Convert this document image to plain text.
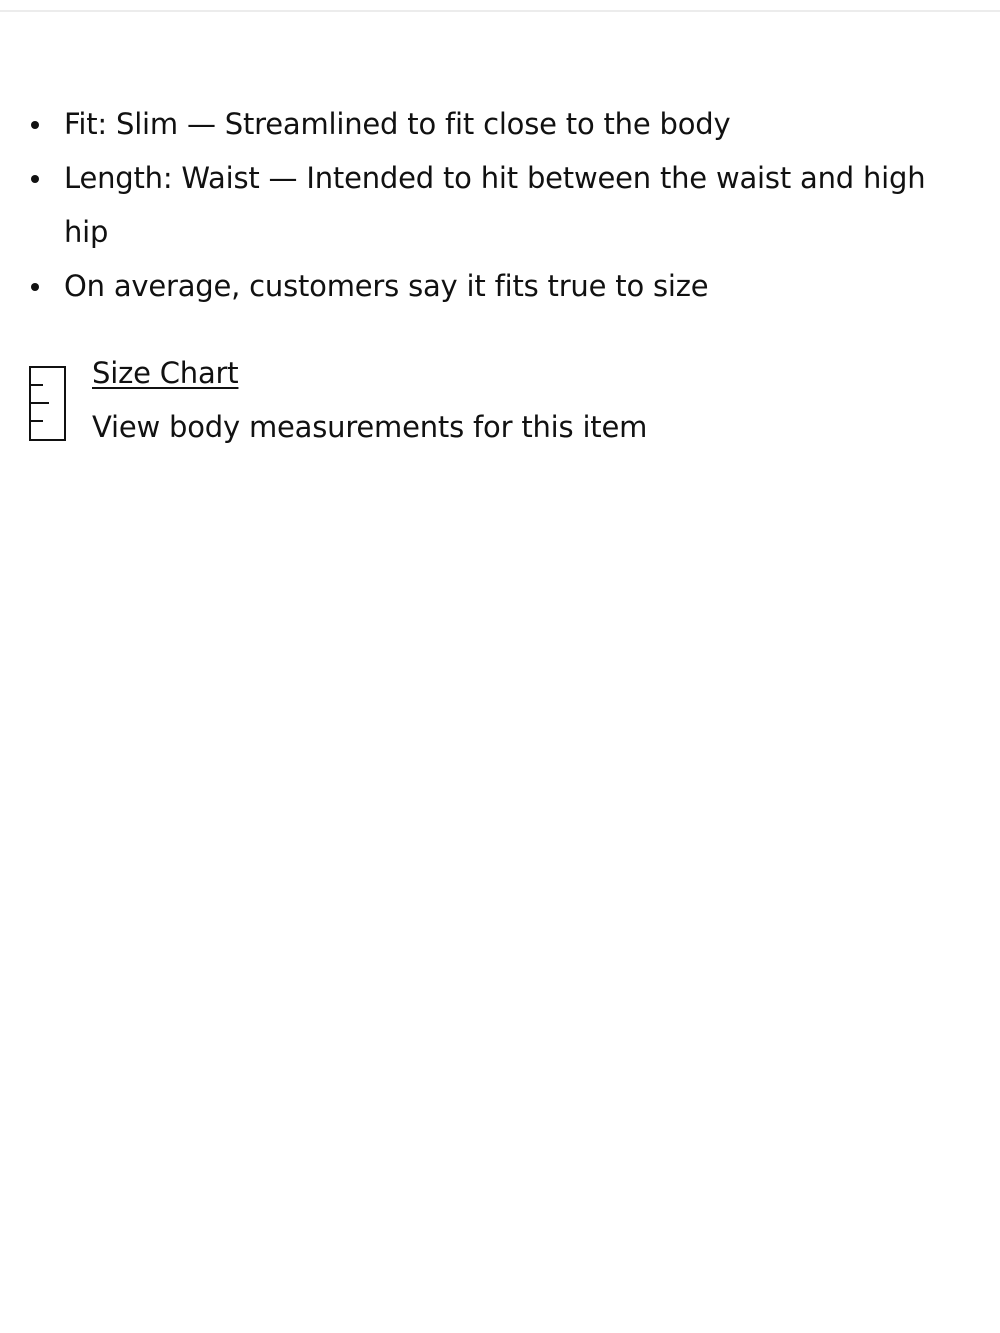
Fit: Slim — Streamlined to fit close to the body
Length: Waist — Intended to hit between the waist and high hip
On average, customers say it fits true to size
Size Chart
View body measurements for this item
